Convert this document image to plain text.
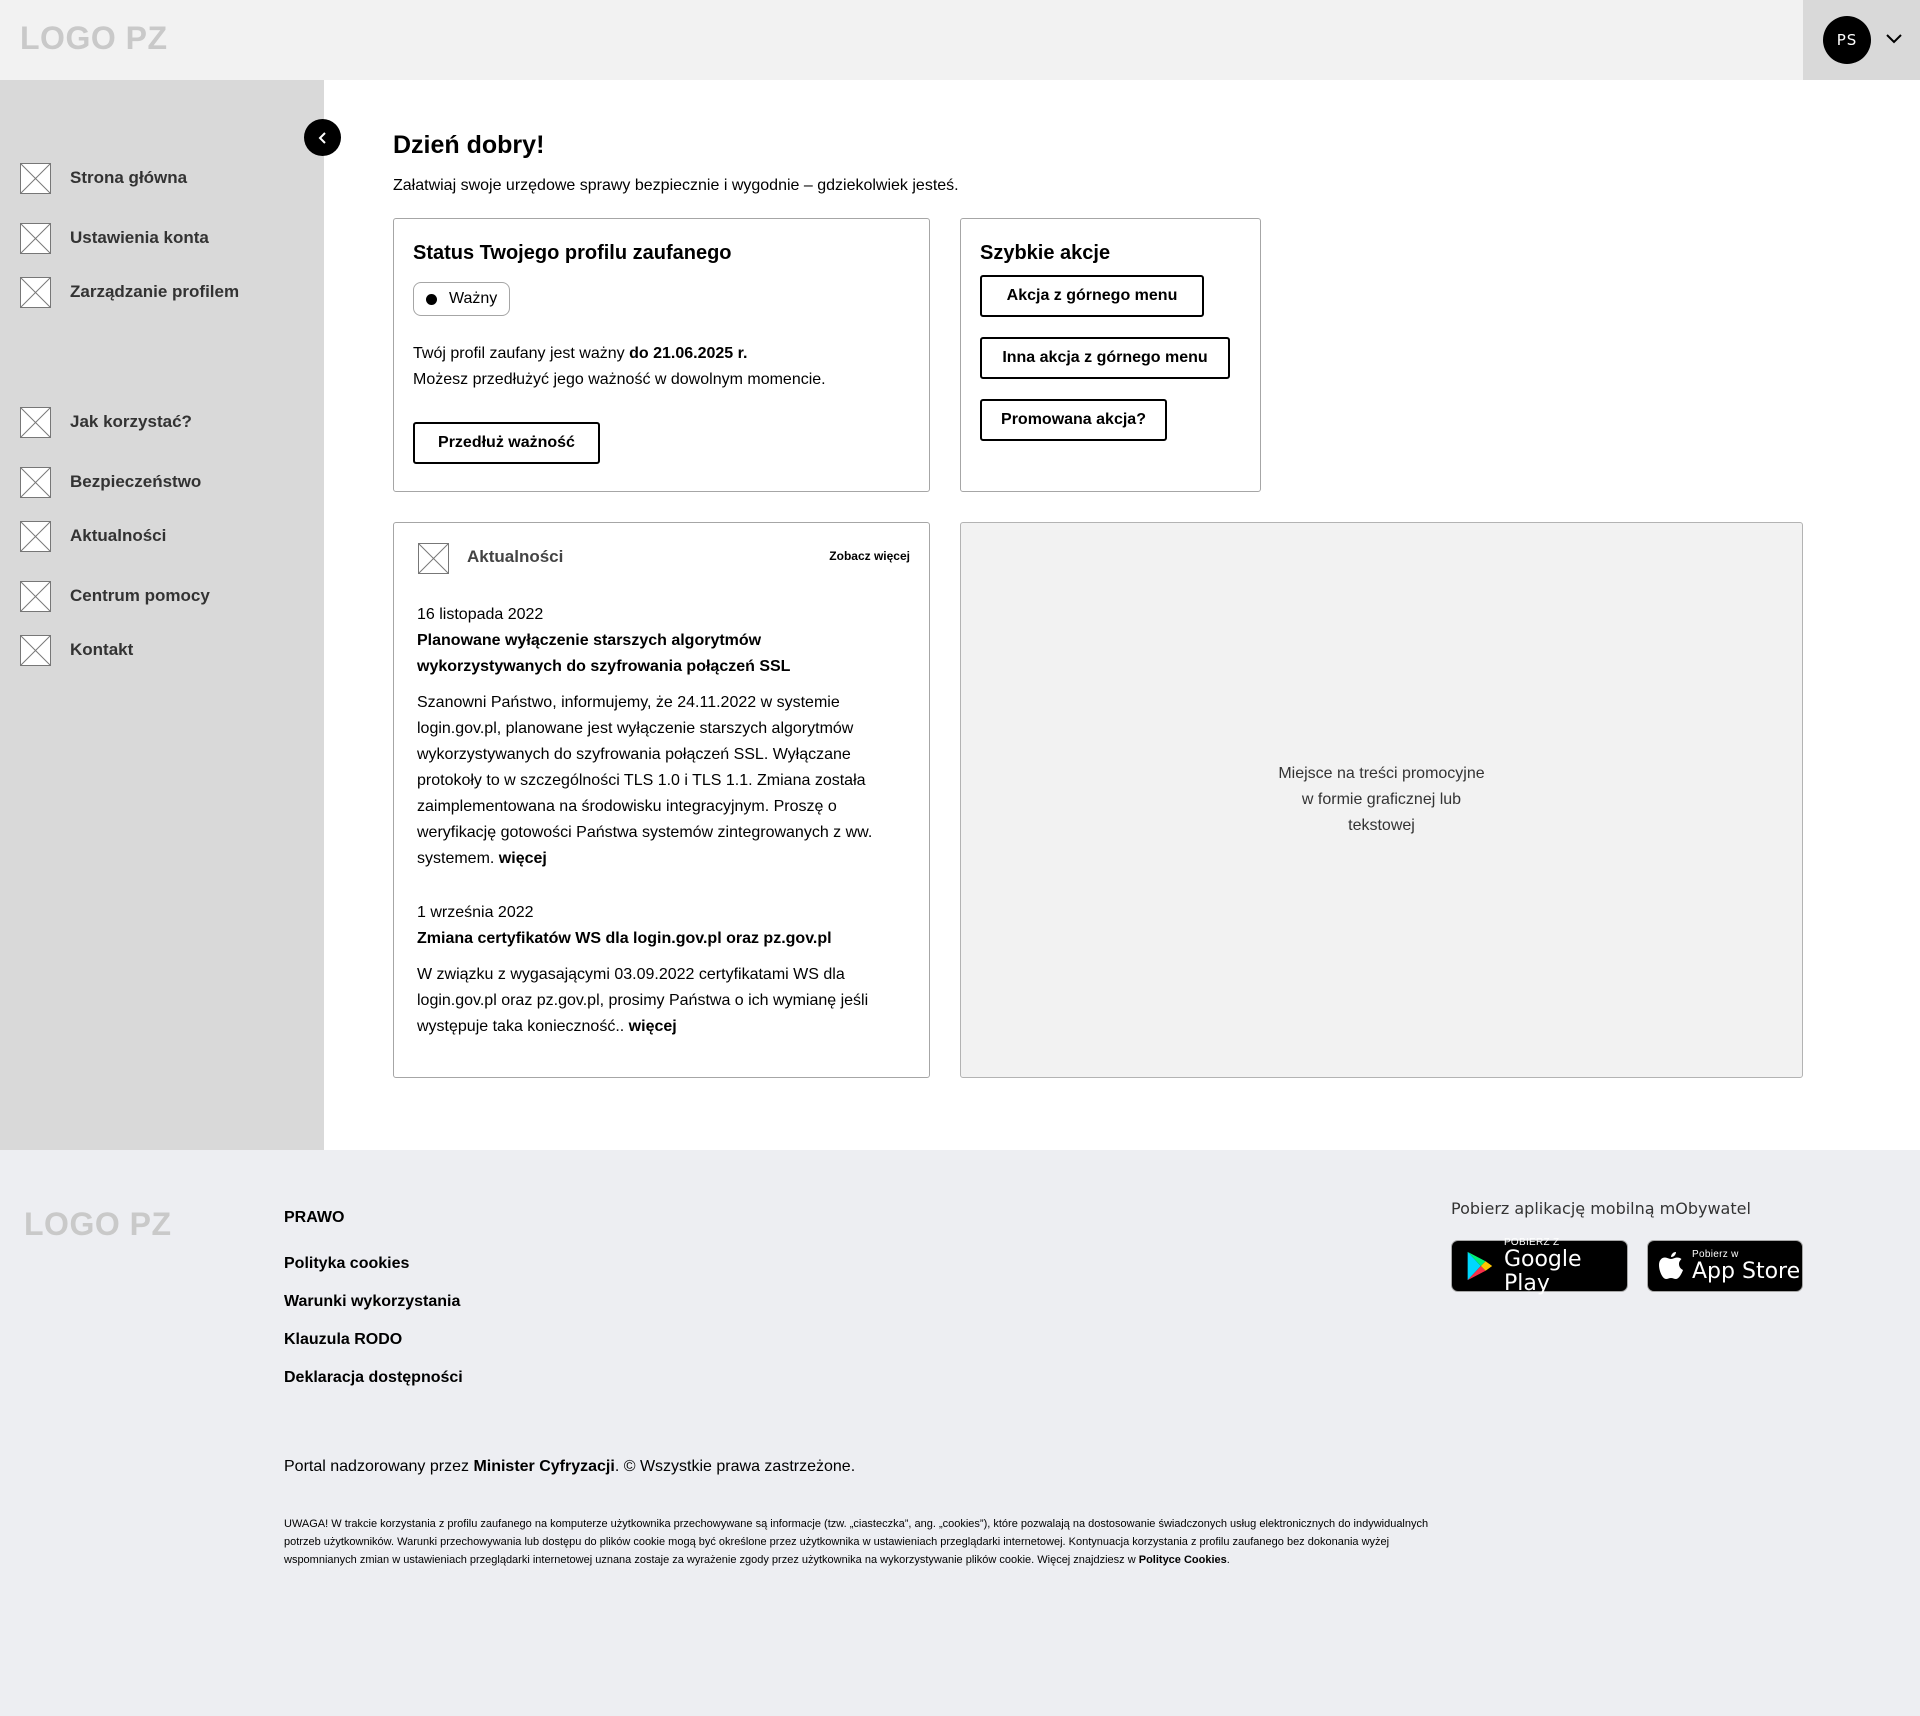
LOGO PZ	PS
Strona główna
Ustawienia konta
Zarządzanie profilem
Jak korzystać?
Bezpieczeństwo
Aktualności
Centrum pomocy
Kontakt
Dzień dobry!
Załatwiaj swoje urzędowe sprawy bezpiecznie i wygodnie – gdziekolwiek jesteś.
Status Twojego profilu zaufanego
Ważny
Twój profil zaufany jest ważny do 21.06.2025 r.
Możesz przedłużyć jego ważność w dowolnym momencie.
Przedłuż ważność
Szybkie akcje
Akcja z górnego menu
Inna akcja z górnego menu
Promowana akcja?
Aktualności	Zobacz więcej
16 listopada 2022
Planowane wyłączenie starszych algorytmów wykorzystywanych do szyfrowania połączeń SSL
Szanowni Państwo, informujemy, że 24.11.2022 w systemie login.gov.pl, planowane jest wyłączenie starszych algorytmów wykorzystywanych do szyfrowania połączeń SSL. Wyłączane protokoły to w szczególności TLS 1.0 i TLS 1.1. Zmiana została zaimplementowana na środowisku integracyjnym. Proszę o weryfikację gotowości Państwa systemów zintegrowanych z ww. systemem. więcej
1 września 2022
Zmiana certyfikatów WS dla login.gov.pl oraz pz.gov.pl
W związku z wygasającymi 03.09.2022 certyfikatami WS dla login.gov.pl oraz pz.gov.pl, prosimy Państwa o ich wymianę jeśli występuje taka konieczność.. więcej
Miejsce na treści promocyjne w formie graficznej lub tekstowej
LOGO PZ	PRAWO
Polityka cookies
Warunki wykorzystania
Klauzula RODO
Deklaracja dostępności
Portal nadzorowany przez Minister Cyfryzacji. © Wszystkie prawa zastrzeżone.
UWAGA! W trakcie korzystania z profilu zaufanego na komputerze użytkownika przechowywane są informacje (tzw. „ciasteczka”, ang. „cookies”), które pozwalają na dostosowanie świadczonych usług elektronicznych do indywidualnych potrzeb użytkowników. Warunki przechowywania lub dostępu do plików cookie mogą być określone przez użytkownika w ustawieniach przeglądarki internetowej. Kontynuacja korzystania z profilu zaufanego bez dokonania wyżej wspomnianych zmian w ustawieniach przeglądarki internetowej uznana zostaje za wyrażenie zgody przez użytkownika na wykorzystywanie plików cookie. Więcej znajdziesz w Polityce Cookies.
Pobierz aplikację mobilną mObywatel
POBIERZ Z
Google Play
Pobierz w
App Store
